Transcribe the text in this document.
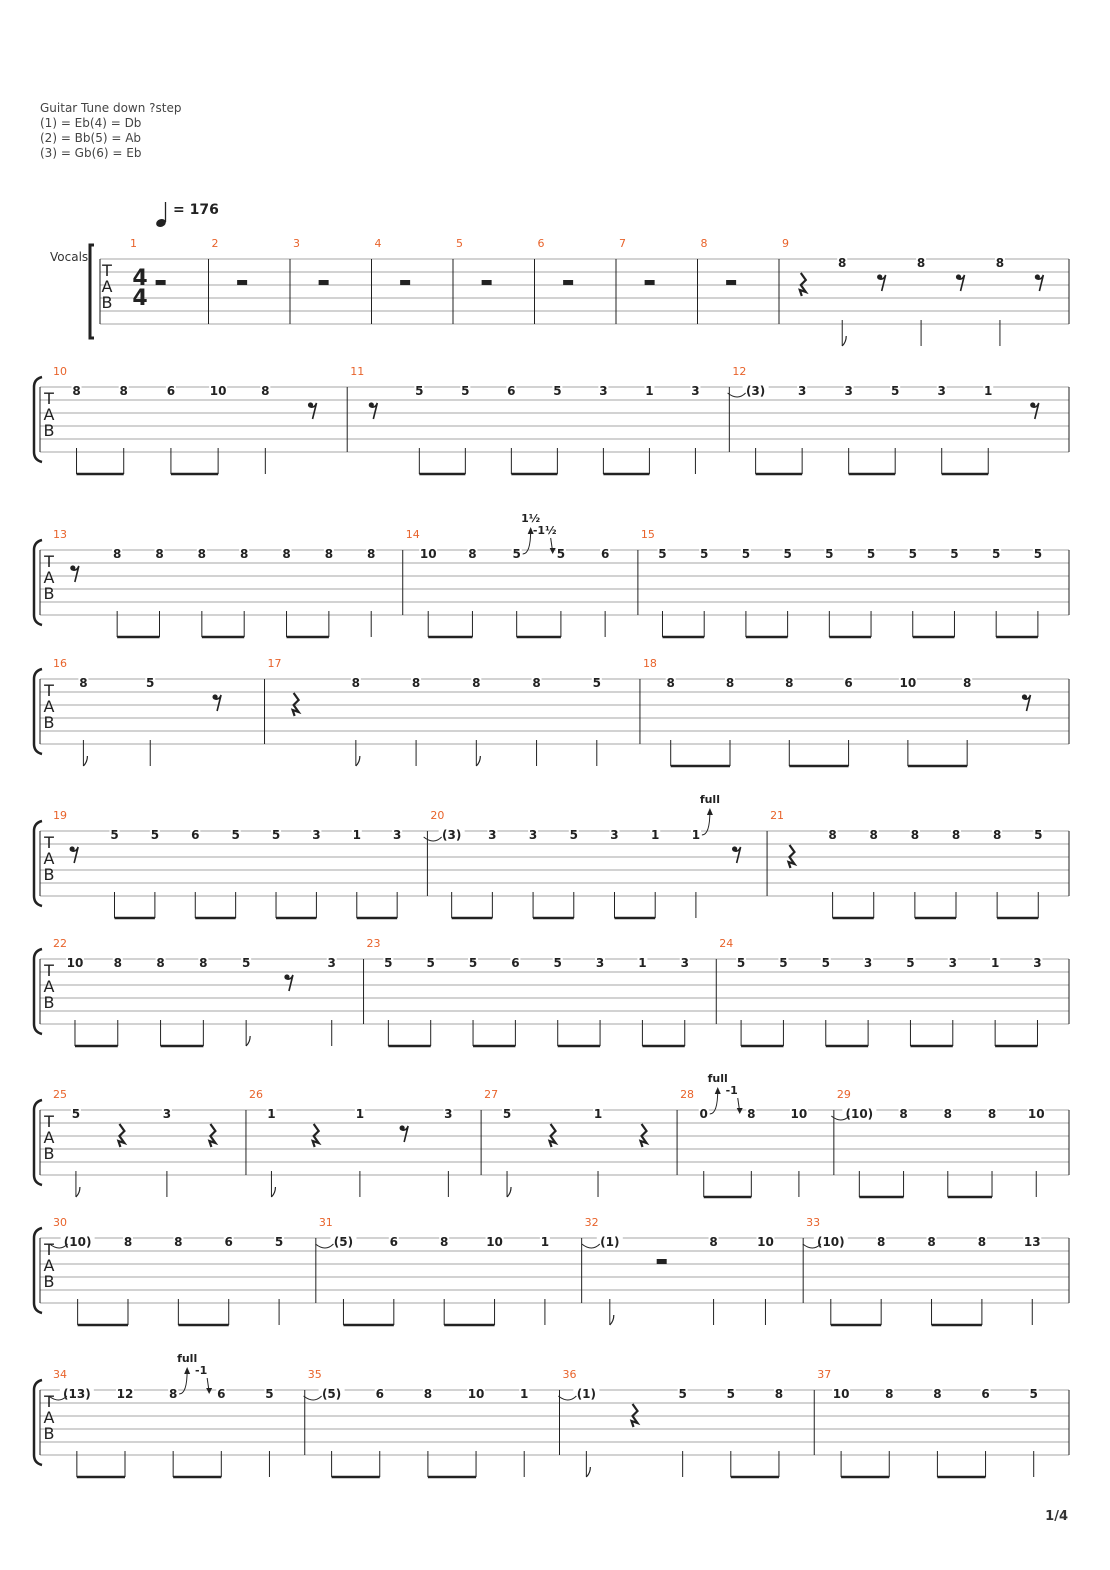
Guitar Tune down ?step
(1) = Eb(4) = Db
(2) = Bb(5) = Ab
(3) = Gb(6) = Eb
= 176
Vocals
T
A
B
4
4
1	2	3	4	5	6	7	8	9
8	8	8
T
A
B
10
8	8	6	10	8
11
5	5	6	5	3	1	3
12
(3)	3	3	5	3	1
T
A
B
13
8	8	8	8	8	8	8
14
10	8	5
1½
-1½
5	6
15
5	5	5	5	5	5	5	5	5	5
T
A
B
16
8	5
17
8	8	8	8	5
18
8	8	8	6	10	8
T
A
B
19
5	5	6	5	5	3	1	3
20
(3) 3	3	5	3	1	1
full
21
8	8	8	8	8	5
T
A
B
22
10	8	8	8	5	3
23
5	5	5	6	5	3	1	3
24
5	5	5	3	5	3	1	3
T
A
B
25
5	3
26
1	1	3
27
5	1
28
0
full
-1
8	10
29
(10) 8	8	8	10
T
A
B
30
(10)	8	8	6	5
31
(5)	6	8	10	1
32
(1)	8	10
33
(10)	8	8	8	13
T
A
B
34
(13) 12	8
full
-1
6	5
35
(5)	6	8	10	1
36
(1)	5	5	8
37
10	8	8	6	5
1/4
